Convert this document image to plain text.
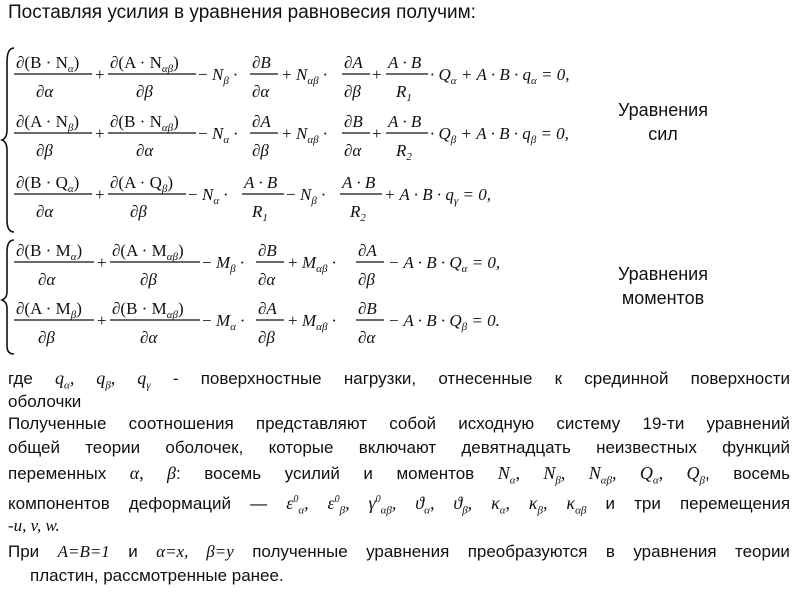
Поставляя усилия в уравнения равновесия получим:
Уравнения
сил
Уравнения
моментов
$\partial(B \cdot N_\alpha)$
∂α
+
$\partial(A \cdot N_{\alpha\beta})$
∂β
− $N_\beta$ ·
∂B
∂α
+ $N_{\alpha\beta}$ ·
∂A
∂β
+
A · B
$R_1$
· $Q_\alpha + A \cdot B \cdot q_\alpha = 0$,
$\partial(A \cdot N_\beta)$
∂β
+
$\partial(B \cdot N_{\alpha\beta})$
∂α
− $N_\alpha$ ·
∂A
∂β
+ $N_{\alpha\beta}$ ·
∂B
∂α
+
A · B
$R_2$
· $Q_\beta + A \cdot B \cdot q_\beta = 0$,
$\partial(B \cdot Q_\alpha)$
∂α
+
$\partial(A \cdot Q_\beta)$
∂β
− $N_\alpha$ ·
A · B
$R_1$
− $N_\beta$ ·
A · B
$R_2$
+ $A \cdot B \cdot q_\gamma = 0$,
$\partial(B \cdot M_\alpha)$
∂α
+
$\partial(A \cdot M_{\alpha\beta})$
∂β
− $M_\beta$ ·
∂B
∂α
+ $M_{\alpha\beta}$ ·
∂A
∂β
− $A \cdot B \cdot Q_\alpha = 0$,
$\partial(A \cdot M_\beta)$
∂β
+
$\partial(B \cdot M_{\alpha\beta})$
∂α
− $M_\alpha$ ·
∂A
∂β
+ $M_{\alpha\beta}$ ·
∂B
∂α
− $A \cdot B \cdot Q_\beta = 0$.
где $q_\alpha$, $q_\beta$, $q_\gamma$ - поверхностные нагрузки, отнесенные к срединной поверхности
оболочки
Полученные соотношения представляют собой исходную систему 19-ти уравнений
общей теории оболочек, которые включают девятнадцать неизвестных функций
переменных α, β: восемь усилий и моментов $N_\alpha$, $N_\beta$, $N_{\alpha\beta}$, $Q_\alpha$, $Q_\beta$, восемь
компонентов деформаций — $\varepsilon^0_\alpha$, $\varepsilon^0_\beta$, $\gamma^0_{\alpha\beta}$, $ϑ_\alpha$, $ϑ_\beta$, $\kappa_\alpha$, $\kappa_\beta$, $\kappa_{\alpha\beta}$ и три перемещения
-u, v, w.
При A=B=1 и α=x, β=y полученные уравнения преобразуются в уравнения теории
пластин, рассмотренные ранее.
